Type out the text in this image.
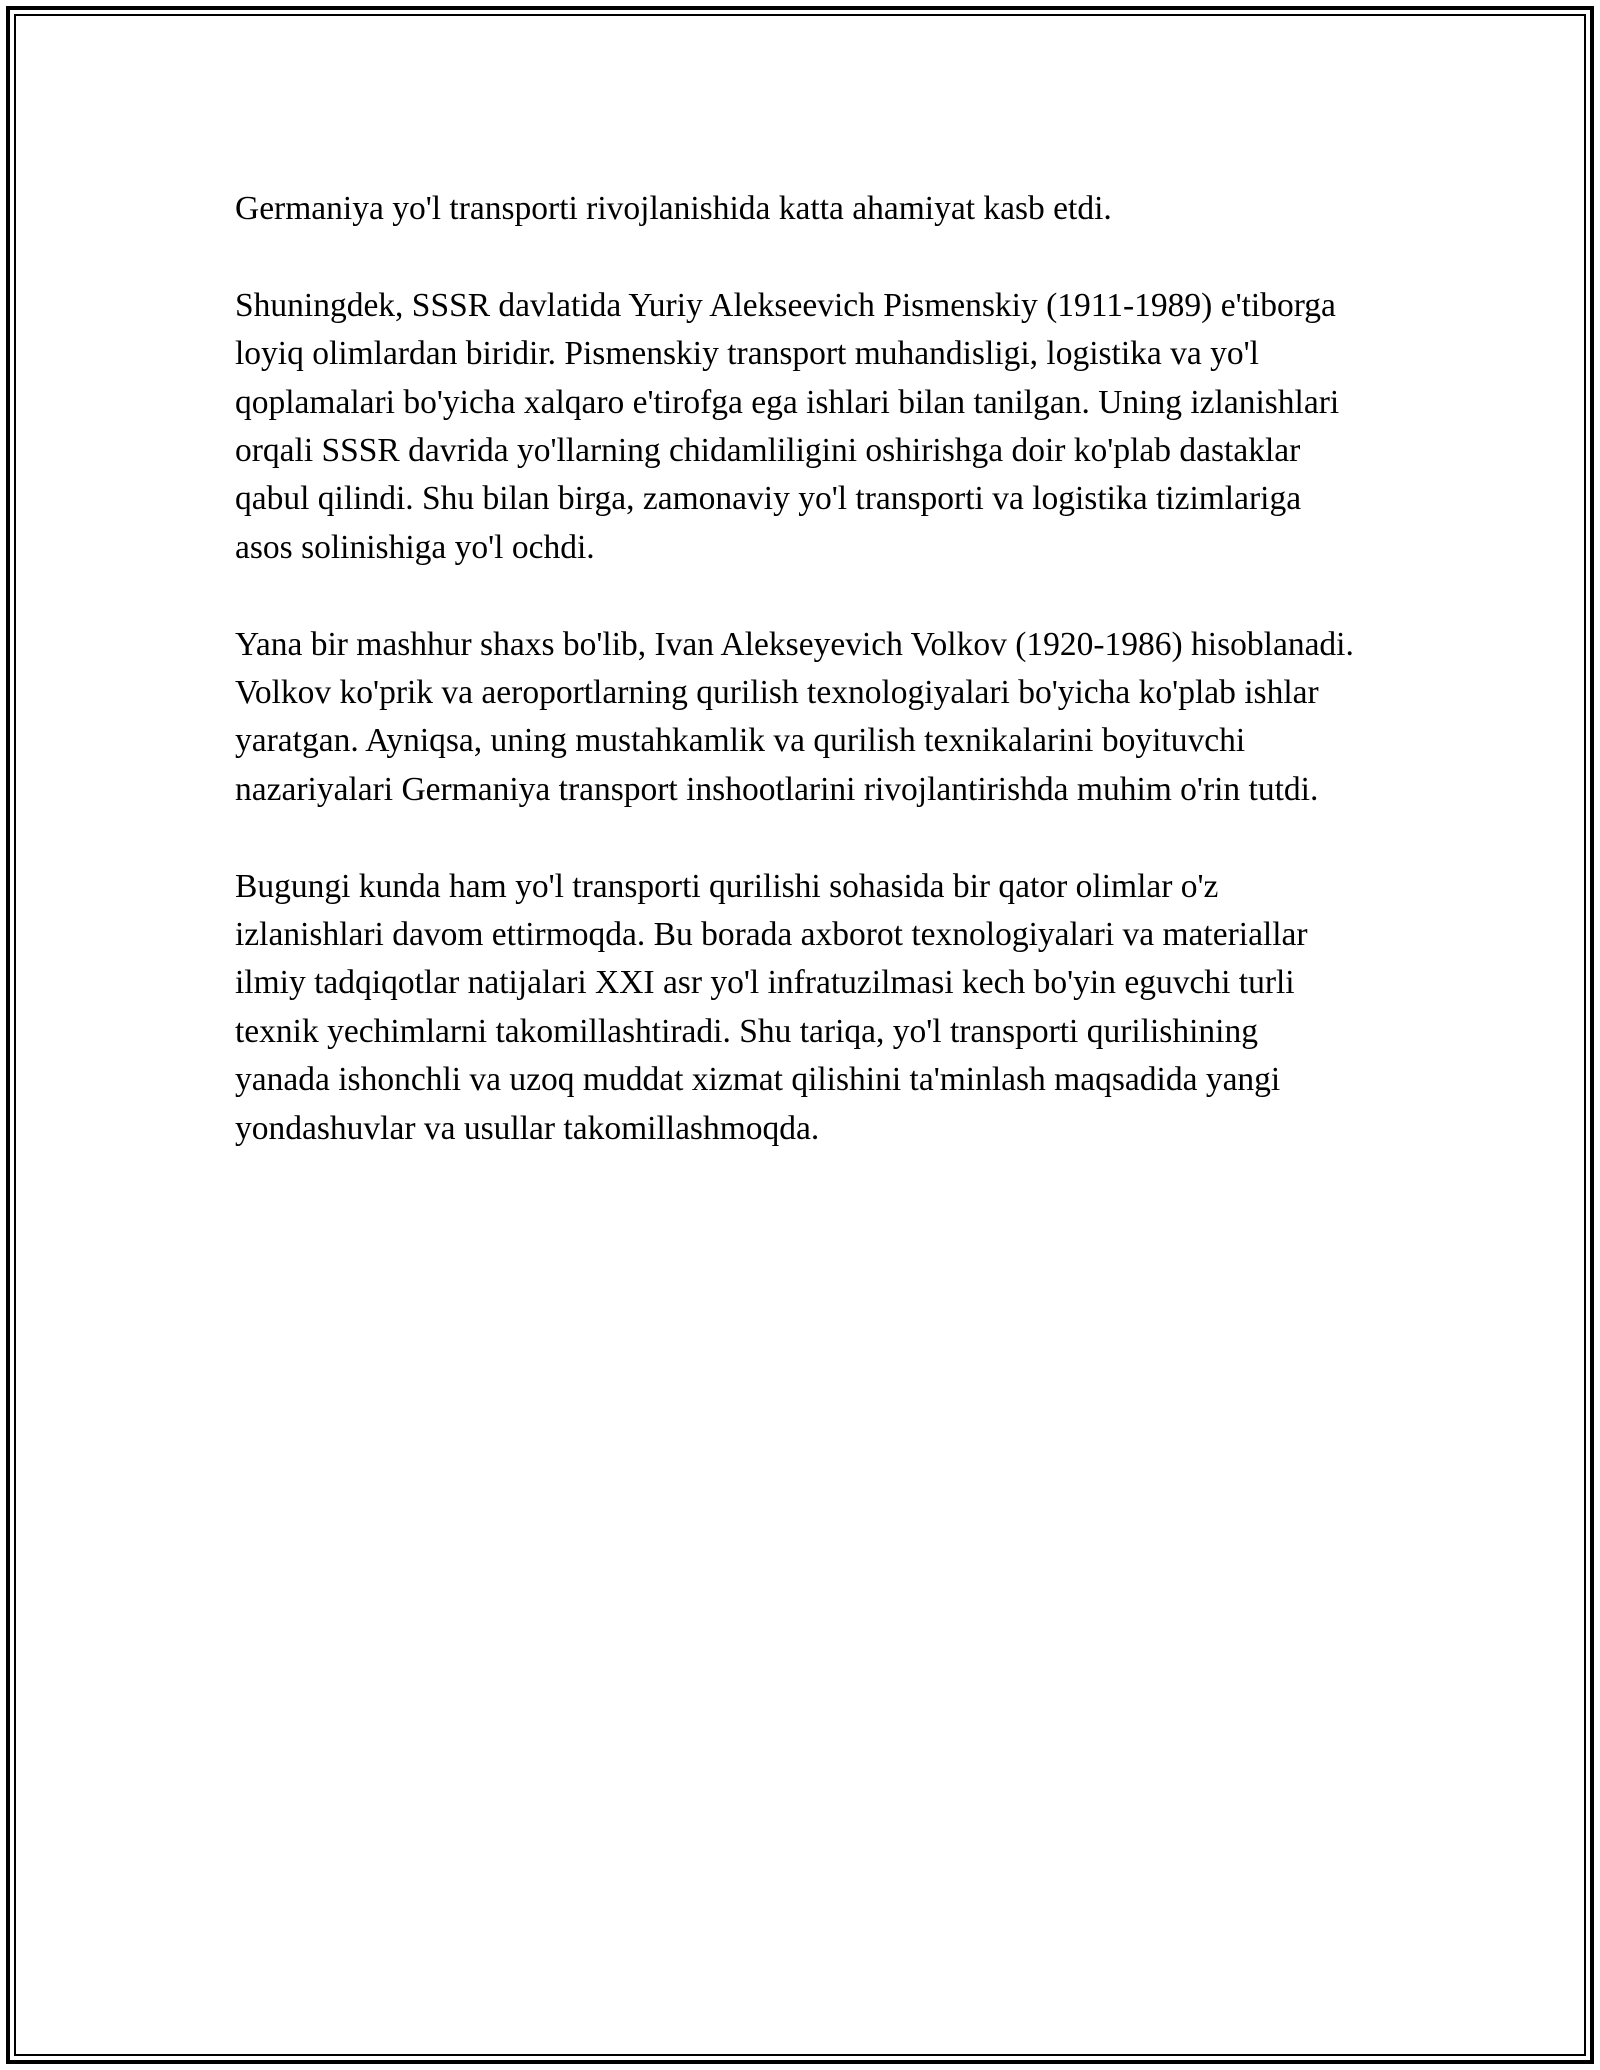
Germaniya yo'l transporti rivojlanishida katta ahamiyat kasb etdi.

Shuningdek, SSSR davlatida Yuriy Alekseevich Pismenskiy (1911-1989) e'tiborga loyiq olimlardan biridir. Pismenskiy transport muhandisligi, logistika va yo'l qoplamalari bo'yicha xalqaro e'tirofga ega ishlari bilan tanilgan. Uning izlanishlari orqali SSSR davrida yo'llarning chidamliligini oshirishga doir ko'plab dastaklar qabul qilindi. Shu bilan birga, zamonaviy yo'l transporti va logistika tizimlariga asos solinishiga yo'l ochdi.

Yana bir mashhur shaxs bo'lib, Ivan Alekseyevich Volkov (1920-1986) hisoblanadi. Volkov ko'prik va aeroportlarning qurilish texnologiyalari bo'yicha ko'plab ishlar yaratgan. Ayniqsa, uning mustahkamlik va qurilish texnikalarini boyituvchi nazariyalari Germaniya transport inshootlarini rivojlantirishda muhim o'rin tutdi.

Bugungi kunda ham yo'l transporti qurilishi sohasida bir qator olimlar o'z izlanishlari davom ettirmoqda. Bu borada axborot texnologiyalari va materiallar ilmiy tadqiqotlar natijalari XXI asr yo'l infratuzilmasi kech bo'yin eguvchi turli texnik yechimlarni takomillashtiradi. Shu tariqa, yo'l transporti qurilishining yanada ishonchli va uzoq muddat xizmat qilishini ta'minlash maqsadida yangi yondashuvlar va usullar takomillashmoqda.
